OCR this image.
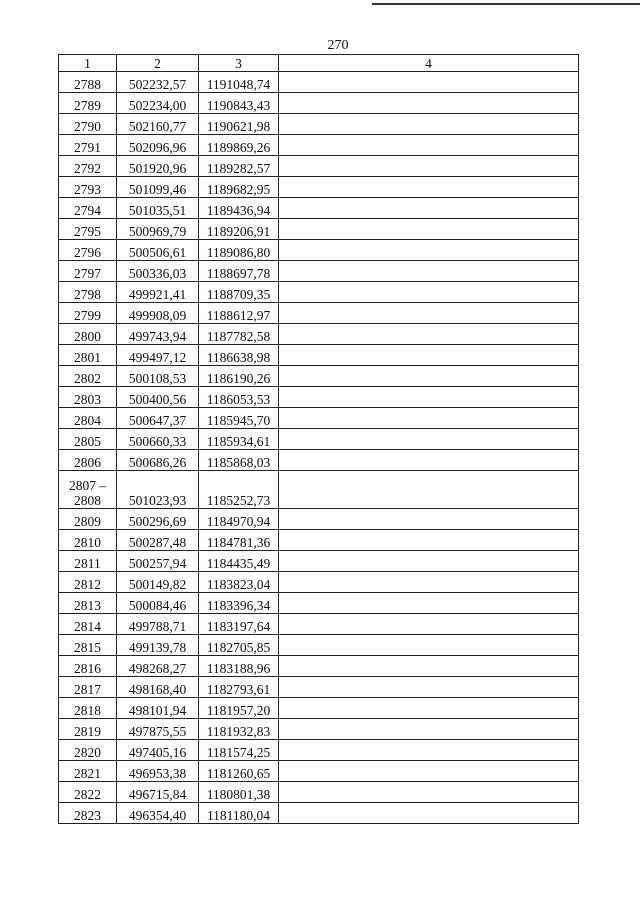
270
1	2	3	4
2788	502232,57	1191048,74	
2789	502234,00	1190843,43	
2790	502160,77	1190621,98	
2791	502096,96	1189869,26	
2792	501920,96	1189282,57	
2793	501099,46	1189682,95	
2794	501035,51	1189436,94	
2795	500969,79	1189206,91	
2796	500506,61	1189086,80	
2797	500336,03	1188697,78	
2798	499921,41	1188709,35	
2799	499908,09	1188612,97	
2800	499743,94	1187782,58	
2801	499497,12	1186638,98	
2802	500108,53	1186190,26	
2803	500400,56	1186053,53	
2804	500647,37	1185945,70	
2805	500660,33	1185934,61	
2806	500686,26	1185868,03	

2807 –
2808	501023,93	1185252,73	
2809	500296,69	1184970,94	
2810	500287,48	1184781,36	
2811	500257,94	1184435,49	
2812	500149,82	1183823,04	
2813	500084,46	1183396,34	
2814	499788,71	1183197,64	
2815	499139,78	1182705,85	
2816	498268,27	1183188,96	
2817	498168,40	1182793,61	
2818	498101,94	1181957,20	
2819	497875,55	1181932,83	
2820	497405,16	1181574,25	
2821	496953,38	1181260,65	
2822	496715,84	1180801,38	
2823	496354,40	1181180,04	
